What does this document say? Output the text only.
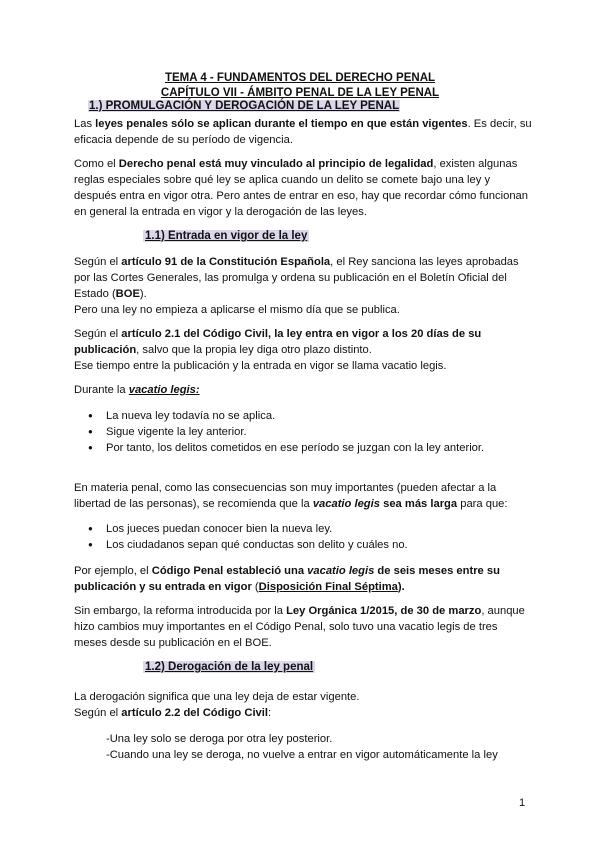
TEMA 4 - FUNDAMENTOS DEL DERECHO PENAL
CAPÍTULO VII - ÁMBITO PENAL DE LA LEY PENAL
1.) PROMULGACIÓN Y DEROGACIÓN DE LA LEY PENAL

Las leyes penales sólo se aplican durante el tiempo en que están vigentes. Es decir, su eficacia depende de su período de vigencia.

Como el Derecho penal está muy vinculado al principio de legalidad, existen algunas reglas especiales sobre qué ley se aplica cuando un delito se comete bajo una ley y después entra en vigor otra. Pero antes de entrar en eso, hay que recordar cómo funcionan en general la entrada en vigor y la derogación de las leyes.

1.1) Entrada en vigor de la ley

Según el artículo 91 de la Constitución Española, el Rey sanciona las leyes aprobadas por las Cortes Generales, las promulga y ordena su publicación en el Boletín Oficial del Estado (BOE).

Pero una ley no empieza a aplicarse el mismo día que se publica.

Según el artículo 2.1 del Código Civil, la ley entra en vigor a los 20 días de su publicación, salvo que la propia ley diga otro plazo distinto.

Ese tiempo entre la publicación y la entrada en vigor se llama vacatio legis.

Durante la vacatio legis:

● La nueva ley todavía no se aplica.
● Sigue vigente la ley anterior.
● Por tanto, los delitos cometidos en ese período se juzgan con la ley anterior.

En materia penal, como las consecuencias son muy importantes (pueden afectar a la libertad de las personas), se recomienda que la vacatio legis sea más larga para que:

● Los jueces puedan conocer bien la nueva ley.
● Los ciudadanos sepan qué conductas son delito y cuáles no.

Por ejemplo, el Código Penal estableció una vacatio legis de seis meses entre su publicación y su entrada en vigor (Disposición Final Séptima).

Sin embargo, la reforma introducida por la Ley Orgánica 1/2015, de 30 de marzo, aunque hizo cambios muy importantes en el Código Penal, solo tuvo una vacatio legis de tres meses desde su publicación en el BOE.

1.2) Derogación de la ley penal

La derogación significa que una ley deja de estar vigente.

Según el artículo 2.2 del Código Civil:

-Una ley solo se deroga por otra ley posterior.
-Cuando una ley se deroga, no vuelve a entrar en vigor automáticamente la ley
1
